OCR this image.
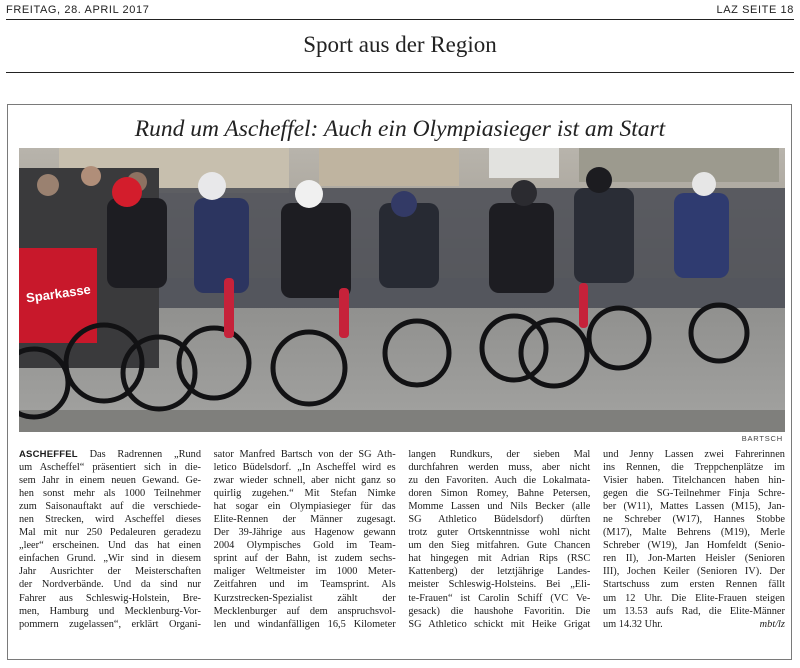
FREITAG, 28. APRIL 2017	LAZ SEITE 18
Sport aus der Region
Rund um Ascheffel: Auch ein Olympiasieger ist am Start
Sparkasse
BARTSCH
ASCHEFFEL Das Radrennen „Rund
um Ascheffel“ präsentiert sich in die-
sem Jahr in einem neuen Gewand. Ge-
hen sonst mehr als 1000 Teilnehmer
zum Saisonauftakt auf die verschiede-
nen Strecken, wird Ascheffel dieses
Mal mit nur 250 Pedaleuren geradezu
„leer“ erscheinen. Und das hat einen
einfachen Grund. „Wir sind in diesem
Jahr Ausrichter der Meisterschaften
der Nordverbände. Und da sind nur
Fahrer aus Schleswig-Holstein, Bre-
men, Hamburg und Mecklenburg-Vor-
pommern zugelassen“, erklärt Organi-
sator Manfred Bartsch von der SG Ath-
letico Büdelsdorf. „In Ascheffel wird es
zwar wieder schnell, aber nicht ganz so
quirlig zugehen.“ Mit Stefan Nimke
hat sogar ein Olympiasieger für das
Elite-Rennen der Männer zugesagt.
Der 39-Jährige aus Hagenow gewann
2004 Olympisches Gold im Team-
sprint auf der Bahn, ist zudem sechs-
maliger Weltmeister im 1000 Meter-
Zeitfahren und im Teamsprint. Als
Kurzstrecken-Spezialist zählt der
Mecklenburger auf dem anspruchsvol-
len und windanfälligen 16,5 Kilometer
langen Rundkurs, der sieben Mal
durchfahren werden muss, aber nicht
zu den Favoriten. Auch die Lokalmata-
doren Simon Romey, Bahne Petersen,
Momme Lassen und Nils Becker (alle
SG Athletico Büdelsdorf) dürften
trotz guter Ortskenntnisse wohl nicht
um den Sieg mitfahren. Gute Chancen
hat hingegen mit Adrian Rips (RSC
Kattenberg) der letztjährige Landes-
meister Schleswig-Holsteins. Bei „Eli-
te-Frauen“ ist Carolin Schiff (VC Ve-
gesack) die haushohe Favoritin. Die
SG Athletico schickt mit Heike Grigat
und Jenny Lassen zwei Fahrerinnen
ins Rennen, die Treppchenplätze im
Visier haben. Titelchancen haben hin-
gegen die SG-Teilnehmer Finja Schre-
ber (W11), Mattes Lassen (M15), Jan-
ne Schreber (W17), Hannes Stobbe
(M17), Malte Behrens (M19), Merle
Schreber (W19), Jan Homfeldt (Senio-
ren II), Jon-Marten Heisler (Senioren
III), Jochen Keiler (Senioren IV). Der
Startschuss zum ersten Rennen fällt
um 12 Uhr. Die Elite-Frauen steigen
um 13.53 aufs Rad, die Elite-Männer
um 14.32 Uhr.	mbt/lz
